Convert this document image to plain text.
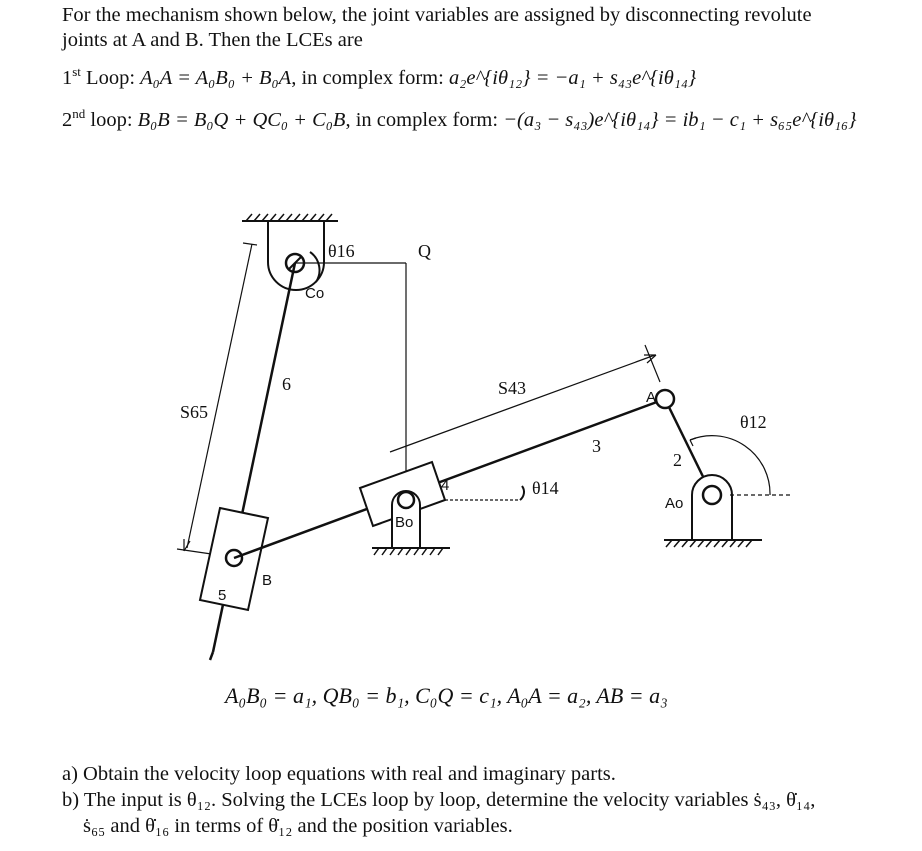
For the mechanism shown below, the joint variables are assigned by disconnecting revolute
joints at A and B. Then the LCEs are
1st Loop: A₀A = A₀B₀ + B₀A, in complex form: a₂e^{iθ₁₂} = −a₁ + s₄₃e^{iθ₁₄}
2nd loop: B₀B = B₀Q + QC₀ + C₀B, in complex form: −(a₃ − s₄₃)e^{iθ₁₄} = ib₁ − c₁ + s₆₅e^{iθ₁₆}
θ16	Q
Co
6	S43	A
θ12
S65
3
2
4	θ14
Bo
Ao
B
5
A₀B₀ = a₁, QB₀ = b₁, C₀Q = c₁, A₀A = a₂, AB = a₃
a) Obtain the velocity loop equations with real and imaginary parts.
b) The input is θ₁₂. Solving the LCEs loop by loop, determine the velocity variables ṡ₄₃, θ̇₁₄,
ṡ₆₅ and θ̇₁₆ in terms of θ̇₁₂ and the position variables.
